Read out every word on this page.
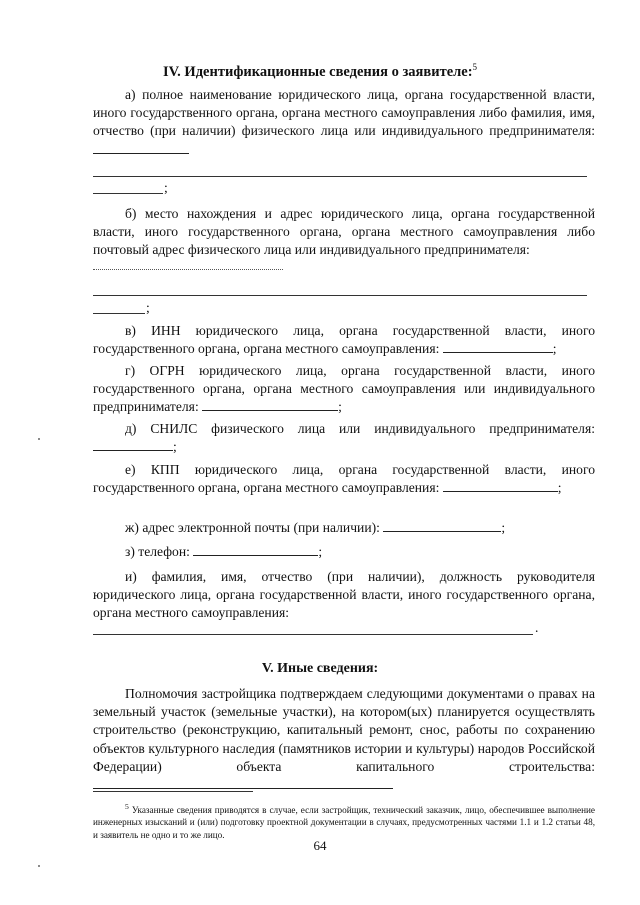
IV. Идентификационные сведения о заявителе:$^5$
а) полное наименование юридического лица, органа государственной власти, иного государственного органа, органа местного самоуправления либо фамилия, имя, отчество (при наличии) физического лица или индивидуального предпринимателя:
;
б) место нахождения и адрес юридического лица, органа государственной власти, иного государственного органа, органа местного самоуправления либо почтовый адрес физического лица или индивидуального предпринимателя:
;
в) ИНН юридического лица, органа государственной власти, иного государственного органа, органа местного самоуправления:	;
г) ОГРН юридического лица, органа государственной власти, иного государственного органа, органа местного самоуправления или индивидуального предпринимателя:	;
д) СНИЛС физического лица или индивидуального предпринимателя: ;
е) КПП юридического лица, органа государственной власти, иного государственного органа, органа местного самоуправления:	;
ж) адрес электронной почты (при наличии):	;
з) телефон:	;
и) фамилия, имя, отчество (при наличии), должность руководителя юридического лица, органа государственной власти, иного государственного органа, органа местного самоуправления:
.
V. Иные сведения:
Полномочия застройщика подтверждаем следующими документами о правах на земельный участок (земельные участки), на котором(ых) планируется осуществлять строительство (реконструкцию, капитальный ремонт, снос, работы по сохранению объектов культурного наследия (памятников истории и культуры) народов Российской Федерации) объекта капитального строительства:
$^5$ Указанные сведения приводятся в случае, если застройщик, технический заказчик, лицо, обеспечившее выполнение инженерных изысканий и (или) подготовку проектной документации в случаях, предусмотренных частями 1.1 и 1.2 статьи 48, и заявитель не одно и то же лицо.
64
